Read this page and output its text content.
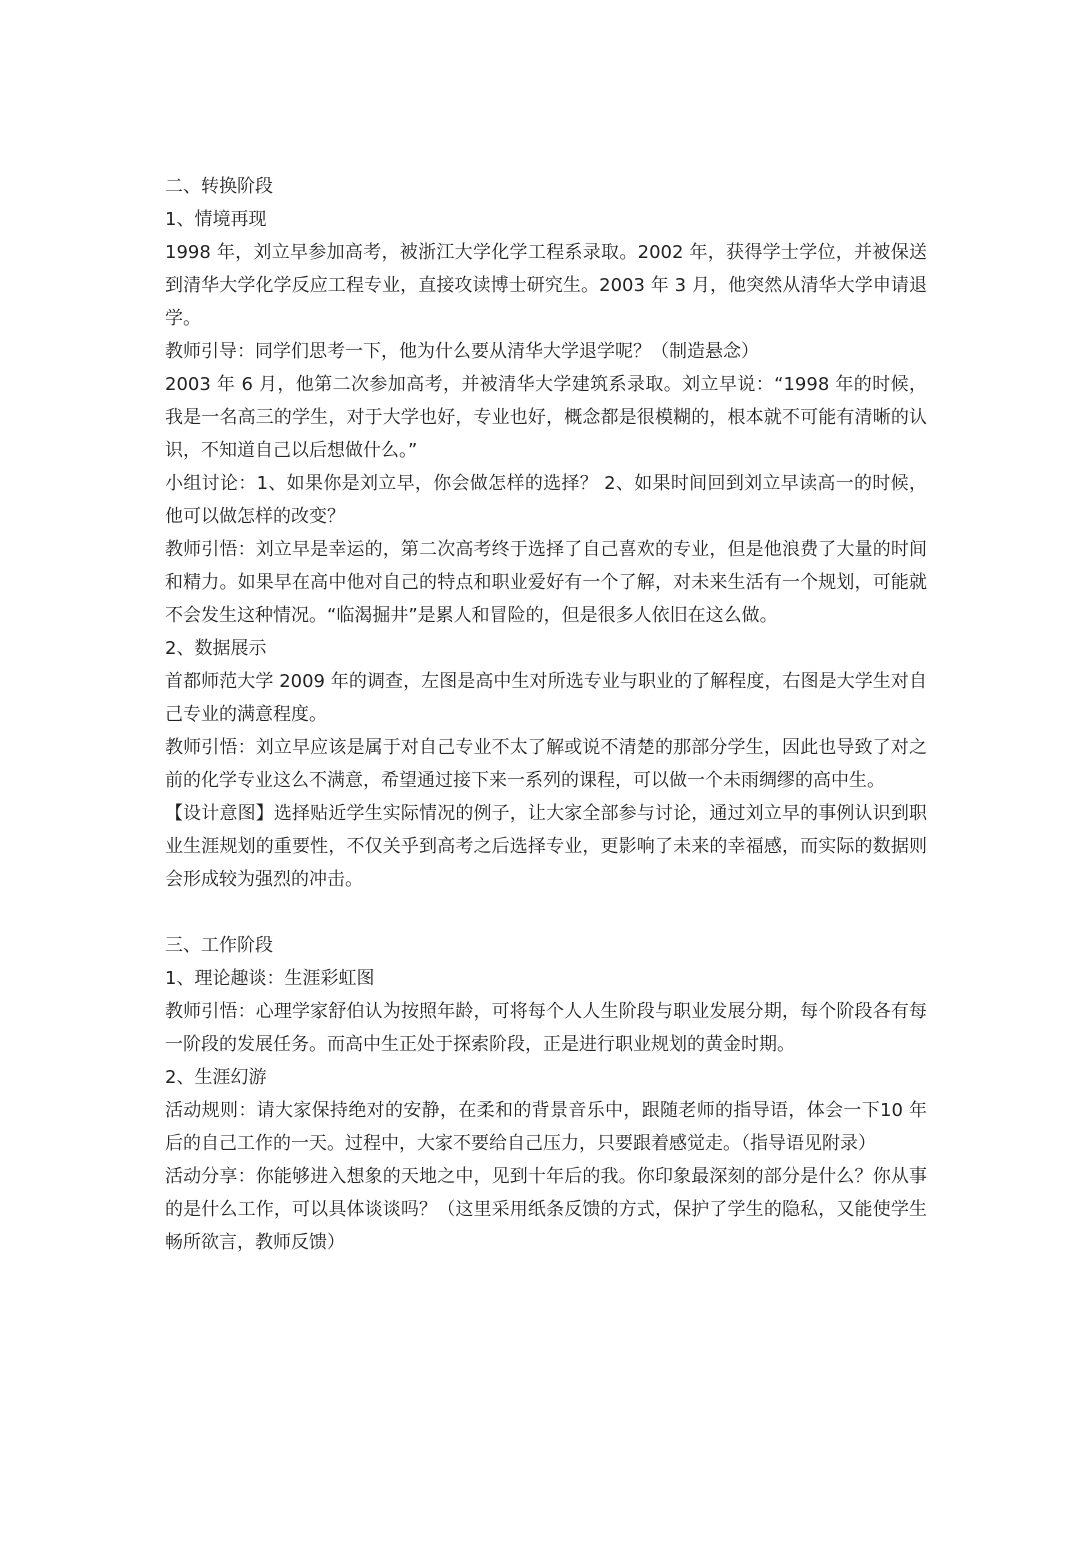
二、转换阶段

1、情境再现

1998 年，刘立早参加高考，被浙江大学化学工程系录取。2002 年，获得学士学位，并被保送到清华大学化学反应工程专业，直接攻读博士研究生。2003 年 3 月，他突然从清华大学申请退学。

教师引导：同学们思考一下，他为什么要从清华大学退学呢？（制造悬念）

2003 年 6 月，他第二次参加高考，并被清华大学建筑系录取。刘立早说：“1998 年的时候，我是一名高三的学生，对于大学也好，专业也好，概念都是很模糊的，根本就不可能有清晰的认识，不知道自己以后想做什么。”

小组讨论：1、如果你是刘立早，你会做怎样的选择？ 2、如果时间回到刘立早读高一的时候，他可以做怎样的改变？

教师引悟：刘立早是幸运的，第二次高考终于选择了自己喜欢的专业，但是他浪费了大量的时间和精力。如果早在高中他对自己的特点和职业爱好有一个了解，对未来生活有一个规划，可能就不会发生这种情况。“临渴掘井”是累人和冒险的，但是很多人依旧在这么做。

2、数据展示

首都师范大学 2009 年的调查，左图是高中生对所选专业与职业的了解程度，右图是大学生对自己专业的满意程度。

教师引悟：刘立早应该是属于对自己专业不太了解或说不清楚的那部分学生，因此也导致了对之前的化学专业这么不满意，希望通过接下来一系列的课程，可以做一个未雨绸缪的高中生。

【设计意图】选择贴近学生实际情况的例子，让大家全部参与讨论，通过刘立早的事例认识到职业生涯规划的重要性，不仅关乎到高考之后选择专业，更影响了未来的幸福感，而实际的数据则会形成较为强烈的冲击。

三、工作阶段

1、理论趣谈：生涯彩虹图

教师引悟：心理学家舒伯认为按照年龄，可将每个人人生阶段与职业发展分期，每个阶段各有每一阶段的发展任务。而高中生正处于探索阶段，正是进行职业规划的黄金时期。

2、生涯幻游

活动规则：请大家保持绝对的安静，在柔和的背景音乐中，跟随老师的指导语，体会一下10 年后的自己工作的一天。过程中，大家不要给自己压力，只要跟着感觉走。（指导语见附录）

活动分享：你能够进入想象的天地之中，见到十年后的我。你印象最深刻的部分是什么？你从事的是什么工作，可以具体谈谈吗？（这里采用纸条反馈的方式，保护了学生的隐私，又能使学生畅所欲言，教师反馈）
